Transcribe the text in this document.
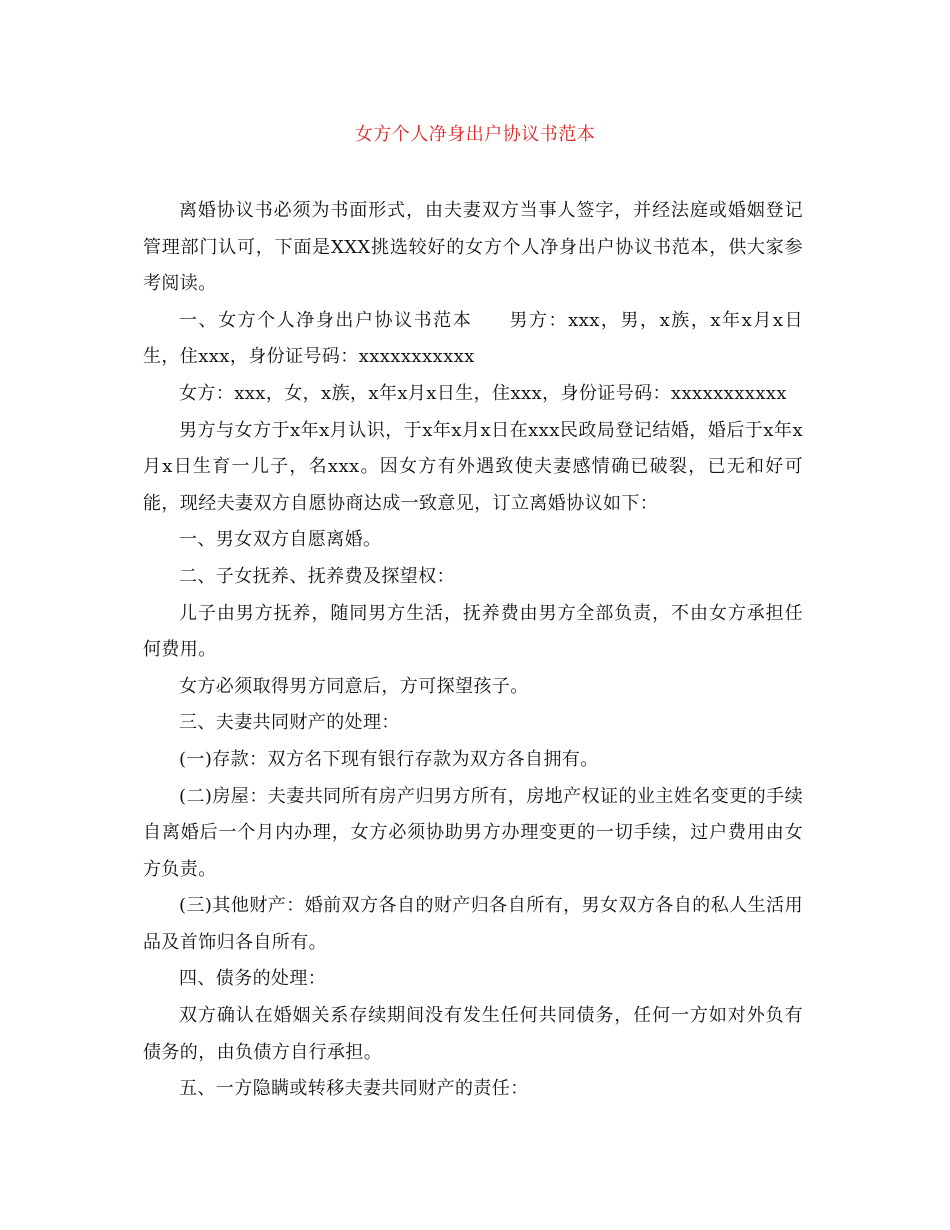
女方个人净身出户协议书范本

离婚协议书必须为书面形式，由夫妻双方当事人签字，并经法庭或婚姻登记管理部门认可，下面是XXX挑选较好的女方个人净身出户协议书范本，供大家参考阅读。

一、女方个人净身出户协议书范本 男方：xxx，男，x族，x年x月x日生，住xxx，身份证号码：xxxxxxxxxxx

女方：xxx，女，x族，x年x月x日生，住xxx，身份证号码：xxxxxxxxxxx

男方与女方于x年x月认识，于x年x月x日在xxx民政局登记结婚，婚后于x年x月x日生育一儿子，名xxx。因女方有外遇致使夫妻感情确已破裂，已无和好可能，现经夫妻双方自愿协商达成一致意见，订立离婚协议如下：

一、男女双方自愿离婚。

二、子女抚养、抚养费及探望权：

儿子由男方抚养，随同男方生活，抚养费由男方全部负责，不由女方承担任何费用。

女方必须取得男方同意后，方可探望孩子。

三、夫妻共同财产的处理：

(一)存款：双方名下现有银行存款为双方各自拥有。

(二)房屋：夫妻共同所有房产归男方所有，房地产权证的业主姓名变更的手续自离婚后一个月内办理，女方必须协助男方办理变更的一切手续，过户费用由女方负责。

(三)其他财产：婚前双方各自的财产归各自所有，男女双方各自的私人生活用品及首饰归各自所有。

四、债务的处理：

双方确认在婚姻关系存续期间没有发生任何共同债务，任何一方如对外负有债务的，由负债方自行承担。

五、一方隐瞒或转移夫妻共同财产的责任：
